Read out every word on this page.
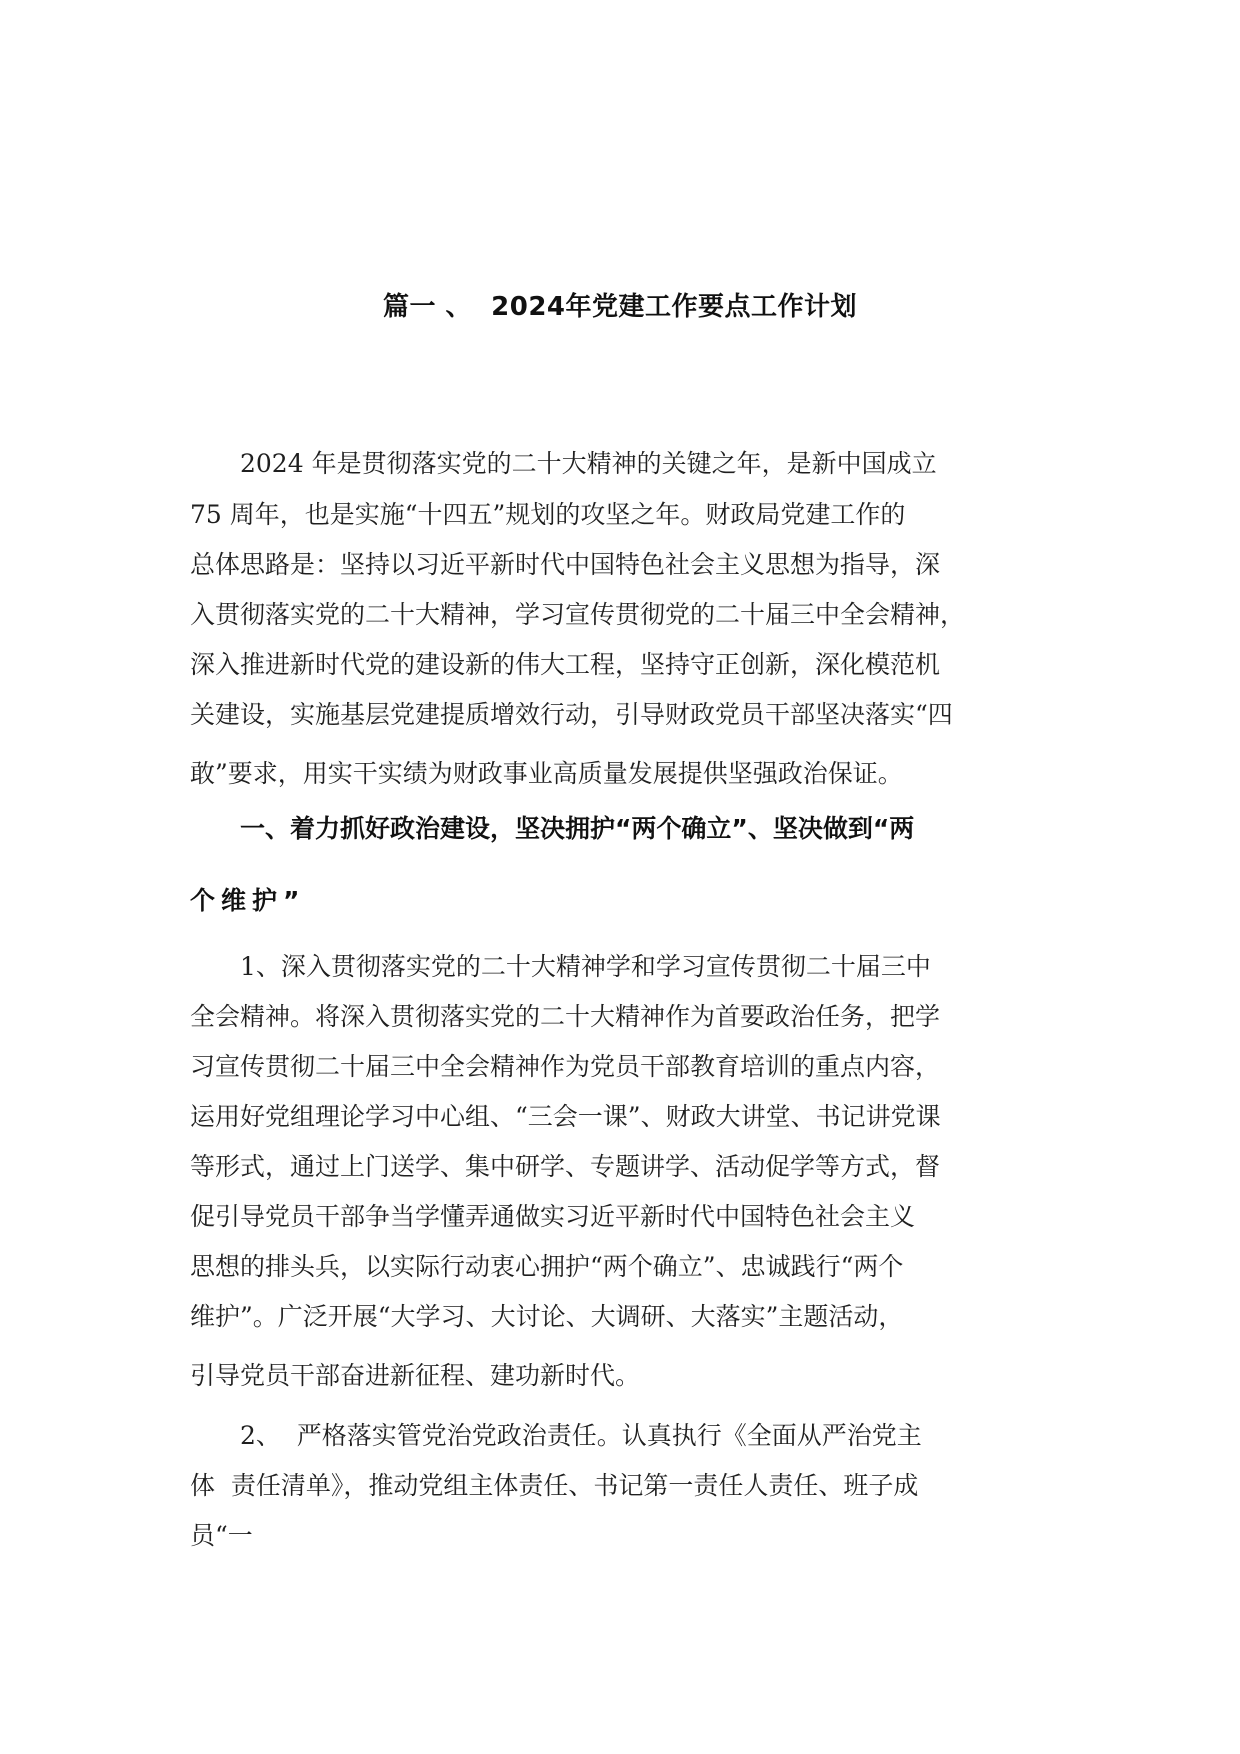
篇一 、  2024年党建工作要点工作计划
2024 年是贯彻落实党的二十大精神的关键之年，是新中国成立
75 周年，也是实施“十四五”规划的攻坚之年。财政局党建工作的
总体思路是：坚持以习近平新时代中国特色社会主义思想为指导，深
入贯彻落实党的二十大精神，学习宣传贯彻党的二十届三中全会精神，
深入推进新时代党的建设新的伟大工程，坚持守正创新，深化模范机
关建设，实施基层党建提质增效行动，引导财政党员干部坚决落实“四
敢”要求，用实干实绩为财政事业高质量发展提供坚强政治保证。
一、着力抓好政治建设，坚决拥护“两个确立”、坚决做到“两
个维护”
1、深入贯彻落实党的二十大精神学和学习宣传贯彻二十届三中
全会精神。将深入贯彻落实党的二十大精神作为首要政治任务，把学
习宣传贯彻二十届三中全会精神作为党员干部教育培训的重点内容，
运用好党组理论学习中心组、“三会一课”、财政大讲堂、书记讲党课
等形式，通过上门送学、集中研学、专题讲学、活动促学等方式，督
促引导党员干部争当学懂弄通做实习近平新时代中国特色社会主义
思想的排头兵，以实际行动衷心拥护“两个确立”、忠诚践行“两个
维护”。广泛开展“大学习、大讨论、大调研、大落实”主题活动，
引导党员干部奋进新征程、建功新时代。
2、  严格落实管党治党政治责任。认真执行《全面从严治党主
体  责任清单》，推动党组主体责任、书记第一责任人责任、班子成
员“一
